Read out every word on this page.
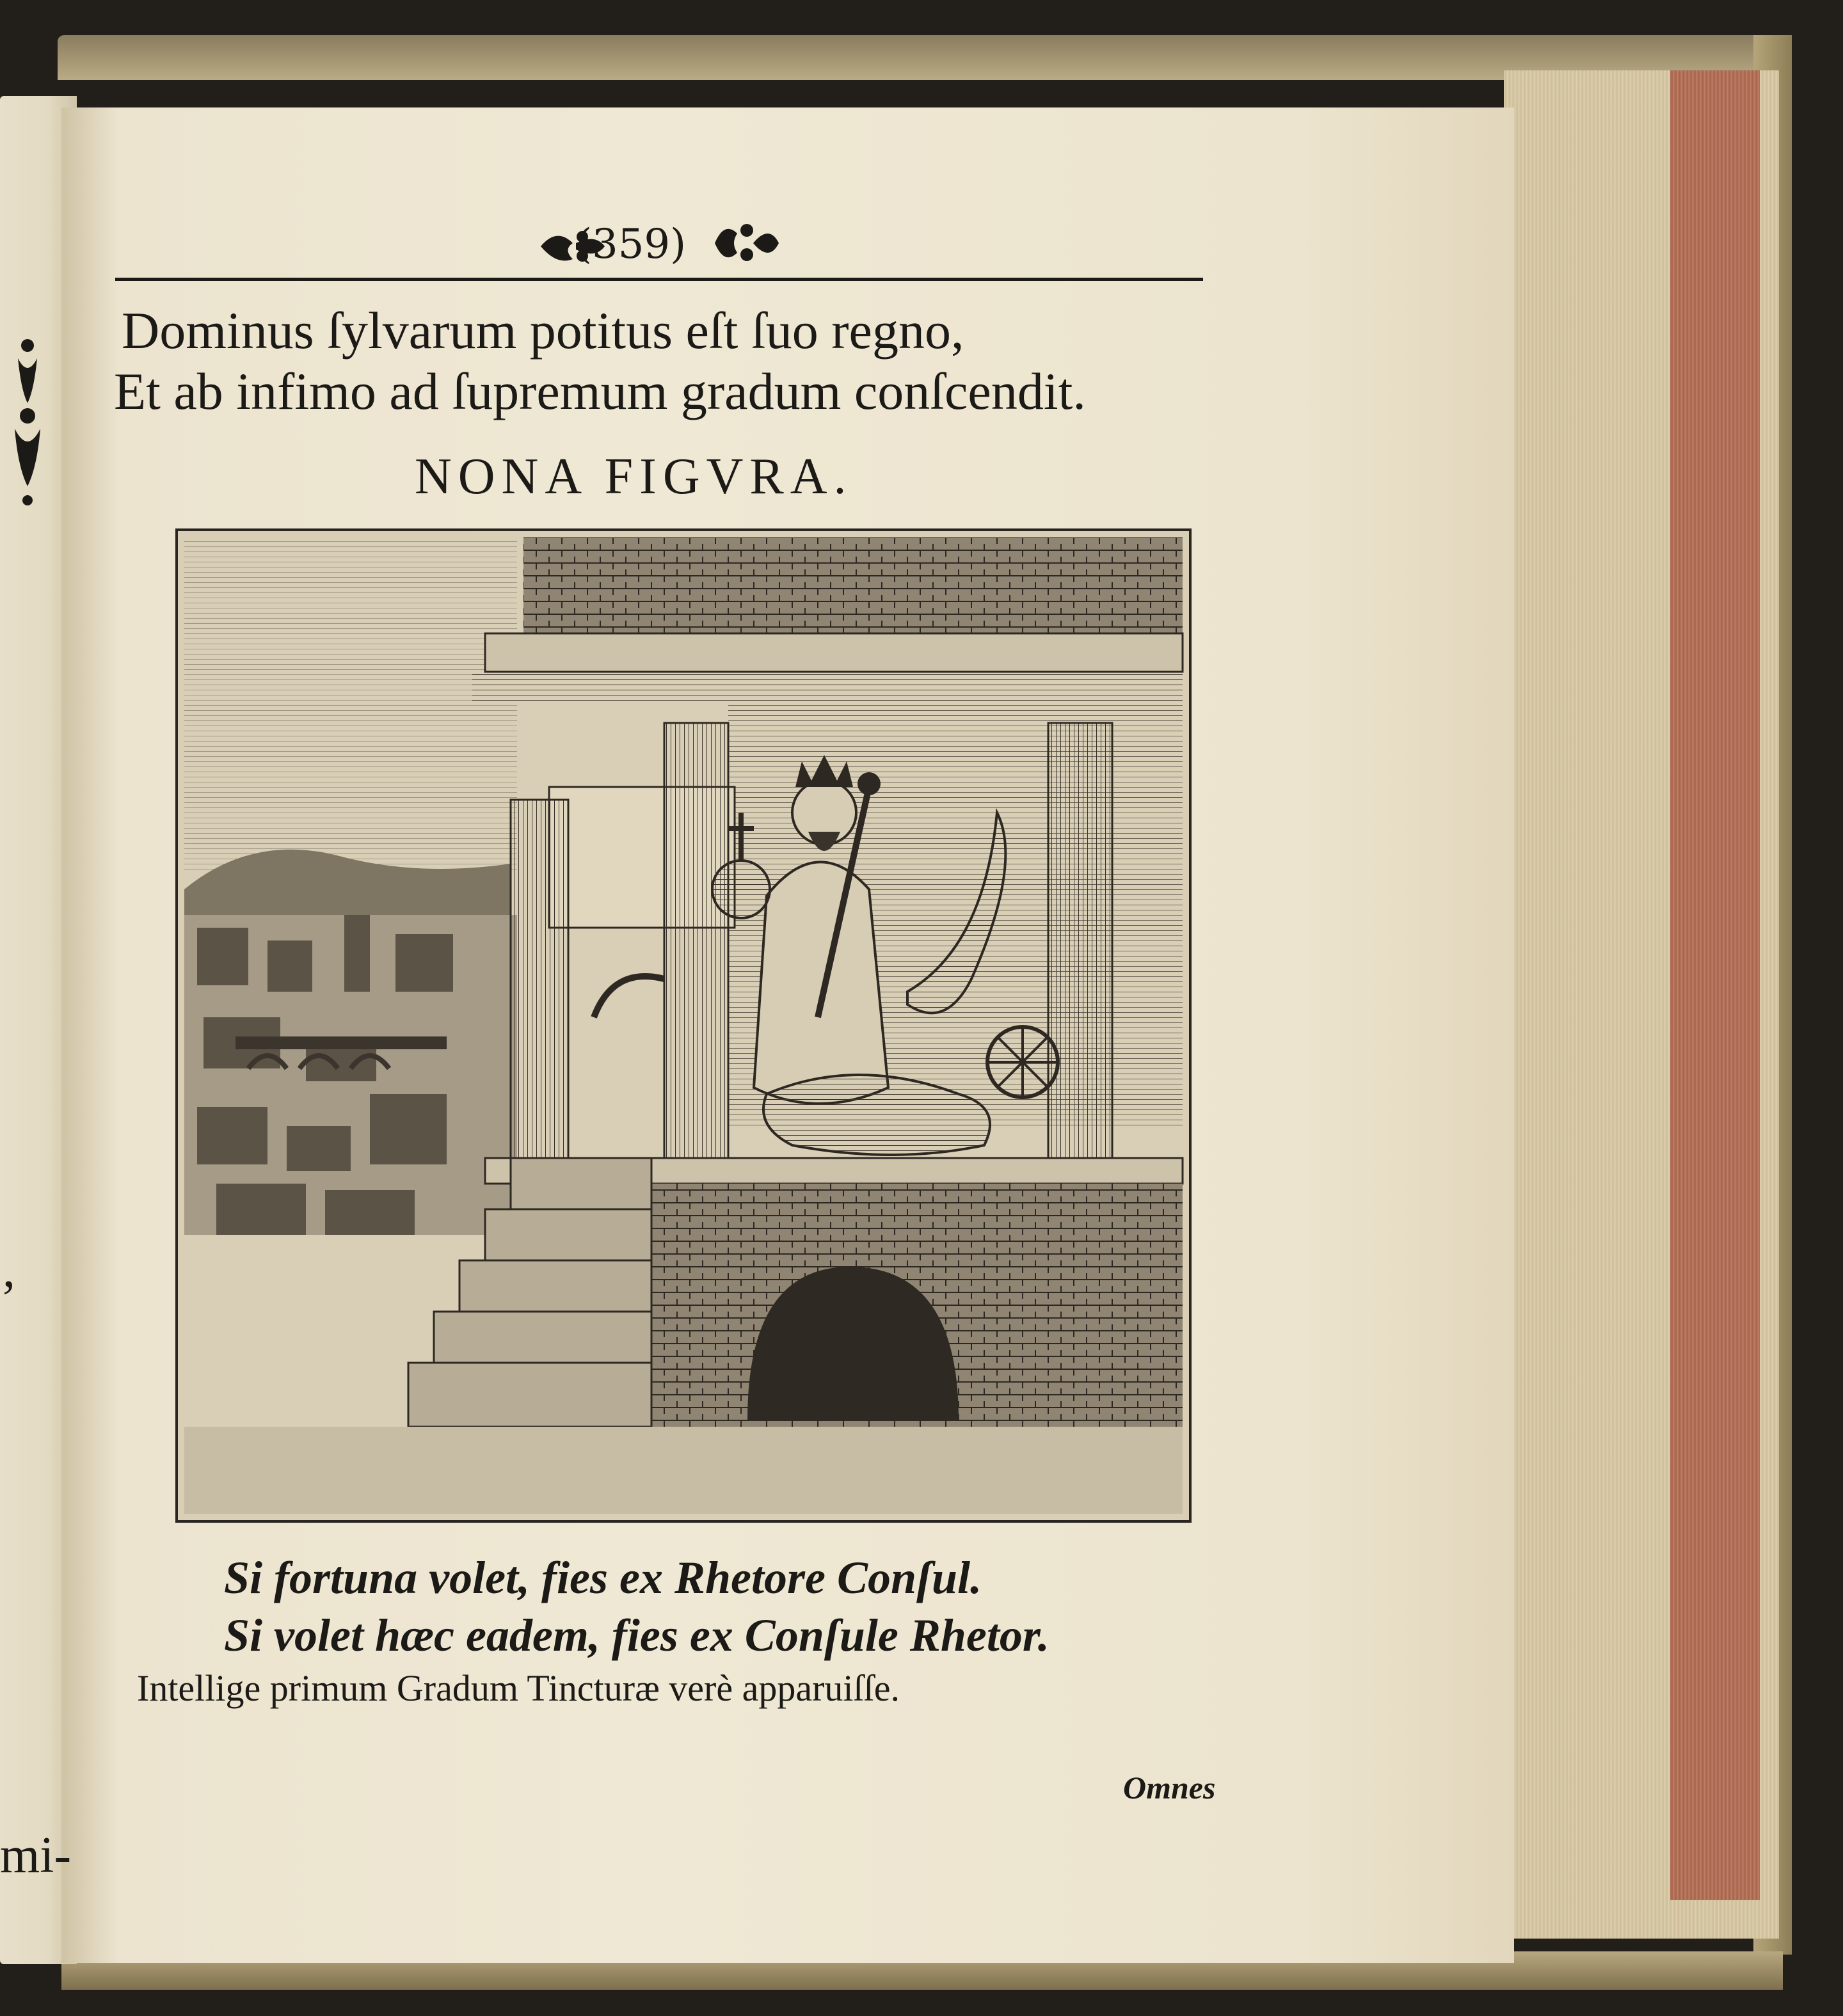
,
mi-
(359)
Dominus ſylvarum potitus eſt ſuo regno,
Et ab infimo ad ſupremum gradum conſcendit.
NONA FIGVRA.
Si fortuna volet, fies ex Rhetore Conſul.
Si volet hæc eadem, fies ex Conſule Rhetor.
Intellige primum Gradum Tincturæ verè apparuiſſe.
Omnes
